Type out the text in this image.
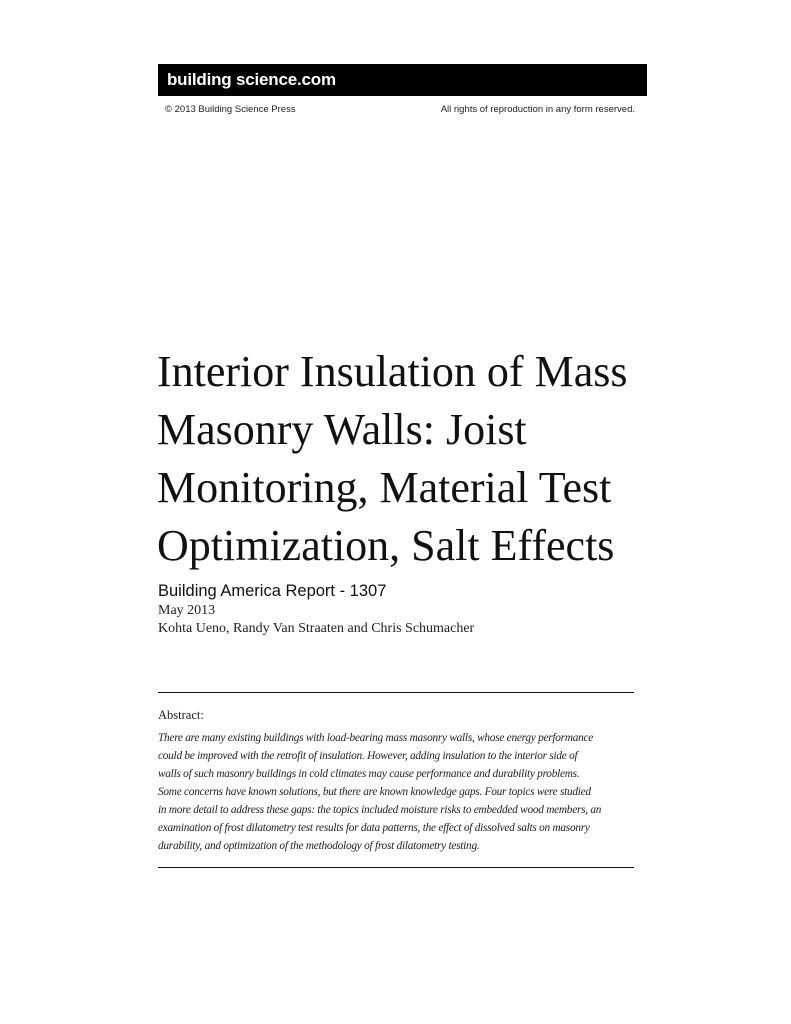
building science.com
© 2013 Building Science Press	All rights of reproduction in any form reserved.
Interior Insulation of Mass
Masonry Walls: Joist
Monitoring, Material Test
Optimization, Salt Effects
Building America Report - 1307
May 2013
Kohta Ueno, Randy Van Straaten and Chris Schumacher
Abstract:

There are many existing buildings with load-bearing mass masonry walls, whose energy performance
could be improved with the retrofit of insulation. However, adding insulation to the interior side of
walls of such masonry buildings in cold climates may cause performance and durability problems.
Some concerns have known solutions, but there are known knowledge gaps. Four topics were studied
in more detail to address these gaps: the topics included moisture risks to embedded wood members, an
examination of frost dilatometry test results for data patterns, the effect of dissolved salts on masonry
durability, and optimization of the methodology of frost dilatometry testing.
